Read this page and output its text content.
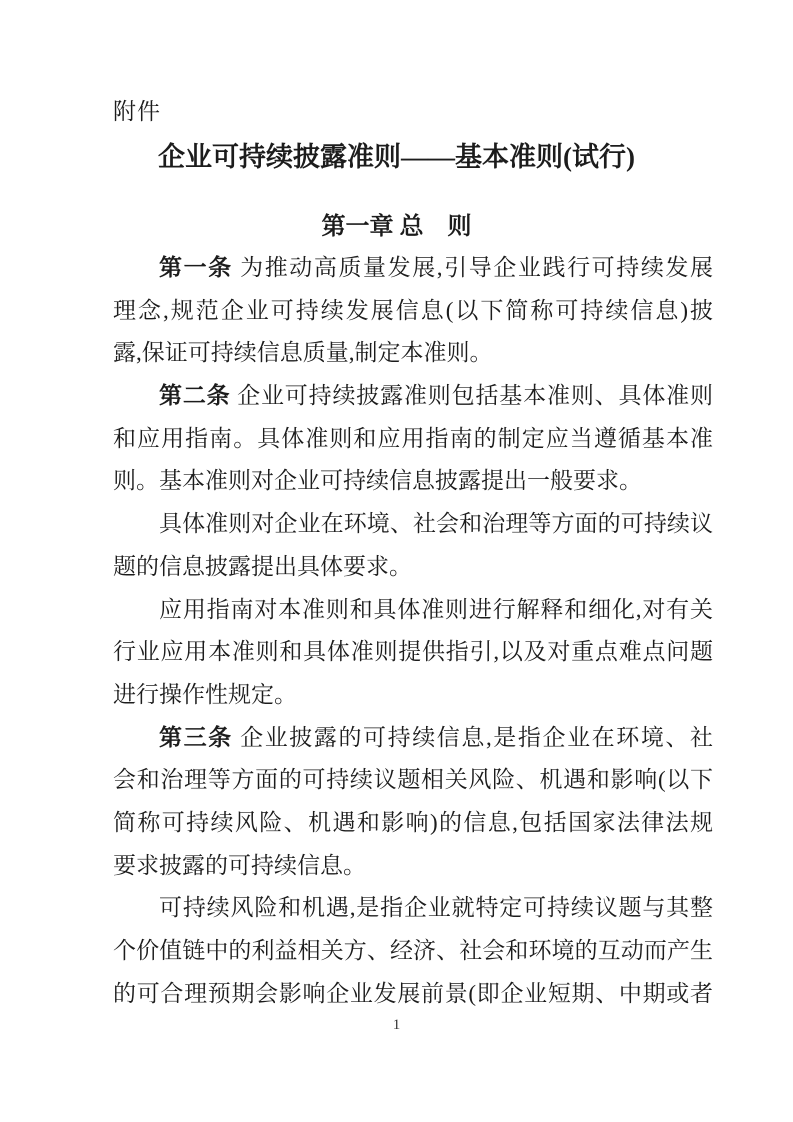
附件
企业可持续披露准则——基本准则(试行)
第一章 总　则
第一条 为推动高质量发展,引导企业践行可持续发展
理念,规范企业可持续发展信息(以下简称可持续信息)披
露,保证可持续信息质量,制定本准则。
第二条 企业可持续披露准则包括基本准则、具体准则
和应用指南。具体准则和应用指南的制定应当遵循基本准则。 基本准则对企业可持续信息披露提出一般要求。
具体准则对企业在环境、社会和治理等方面的可持续议
题的信息披露提出具体要求。
应用指南对本准则和具体准则进行解释和细化,对有关
行业应用本准则和具体准则提供指引,以及对重点难点问题
进行操作性规定。
第三条 企业披露的可持续信息,是指企业在环境、社
会和治理等方面的可持续议题相关风险、机遇和影响(以下
简称可持续风险、机遇和影响)的信息,包括国家法律法规
要求披露的可持续信息。
可持续风险和机遇,是指企业就特定可持续议题与其整
个价值链中的利益相关方、经济、社会和环境的互动而产生
的可合理预期会影响企业发展前景(即企业短期、中期或者
1
